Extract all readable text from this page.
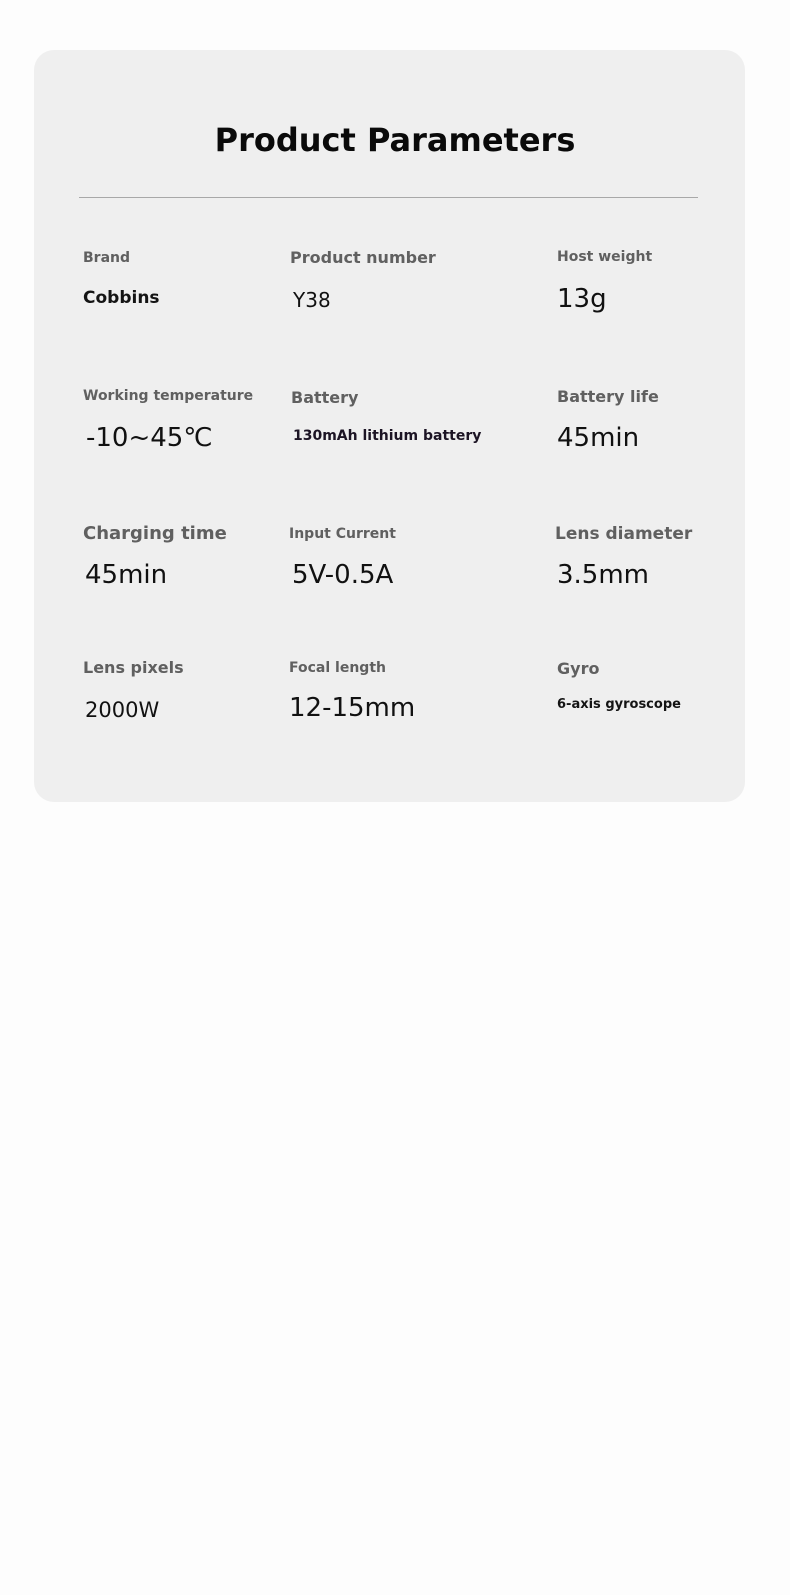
Product Parameters
Brand
Cobbins
Product number
Y38
Host weight
13g
Working temperature
-10~45℃
Battery
130mAh lithium battery
Battery life
45min
Charging time
45min
Input Current
5V-0.5A
Lens diameter
3.5mm
Lens pixels
2000W
Focal length
12-15mm
Gyro
6-axis gyroscope
